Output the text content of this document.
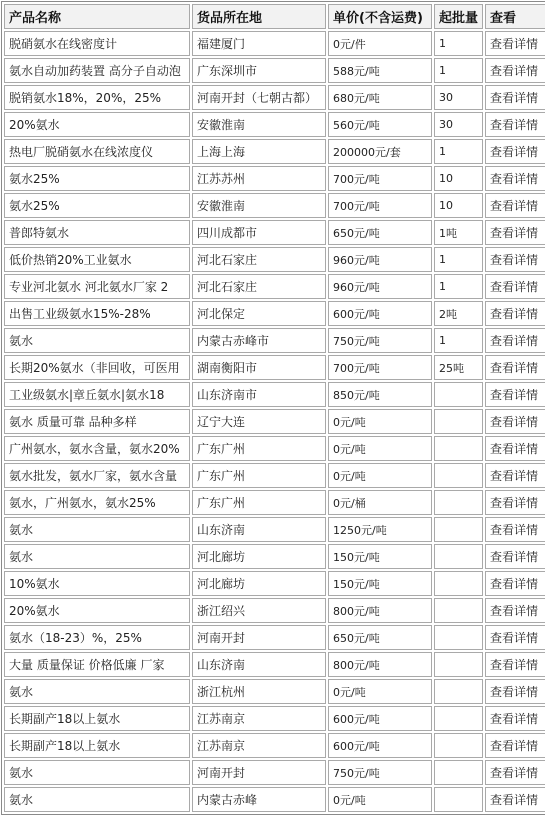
产品名称	货品所在地	单价(不含运费)	起批量	查看
脱硝氨水在线密度计	福建厦门	0元/件	1	查看详情
氨水自动加药装置 高分子自动泡	广东深圳市	588元/吨	1	查看详情
脱销氨水18%，20%，25%	河南开封（七朝古都）	680元/吨	30	查看详情
20%氨水	安徽淮南	560元/吨	30	查看详情
热电厂脱硝氨水在线浓度仪	上海上海	200000元/套	1	查看详情
氨水25%	江苏苏州	700元/吨	10	查看详情
氨水25%	安徽淮南	700元/吨	10	查看详情
普郎特氨水	四川成都市	650元/吨	1吨	查看详情
低价热销20%工业氨水	河北石家庄	960元/吨	1	查看详情
专业河北氨水 河北氨水厂家 2	河北石家庄	960元/吨	1	查看详情
出售工业级氨水15%-28%	河北保定	600元/吨	2吨	查看详情
氨水	内蒙古赤峰市	750元/吨	1	查看详情
长期20%氨水（非回收，可医用	湖南衡阳市	700元/吨	25吨	查看详情
工业级氨水|章丘氨水|氨水18	山东济南市	850元/吨		查看详情
氨水 质量可靠 品种多样	辽宁大连	0元/吨		查看详情
广州氨水，氨水含量，氨水20%	广东广州	0元/吨		查看详情
氨水批发，氨水厂家，氨水含量	广东广州	0元/吨		查看详情
氨水，广州氨水，氨水25%	广东广州	0元/桶		查看详情
氨水	山东济南	1250元/吨		查看详情
氨水	河北廊坊	150元/吨		查看详情
10%氨水	河北廊坊	150元/吨		查看详情
20%氨水	浙江绍兴	800元/吨		查看详情
氨水（18-23）%，25%	河南开封	650元/吨		查看详情
大量 质量保证 价格低廉 厂家	山东济南	800元/吨		查看详情
氨水	浙江杭州	0元/吨		查看详情
长期副产18以上氨水	江苏南京	600元/吨		查看详情
长期副产18以上氨水	江苏南京	600元/吨		查看详情
氨水	河南开封	750元/吨		查看详情
氨水	内蒙古赤峰	0元/吨		查看详情
